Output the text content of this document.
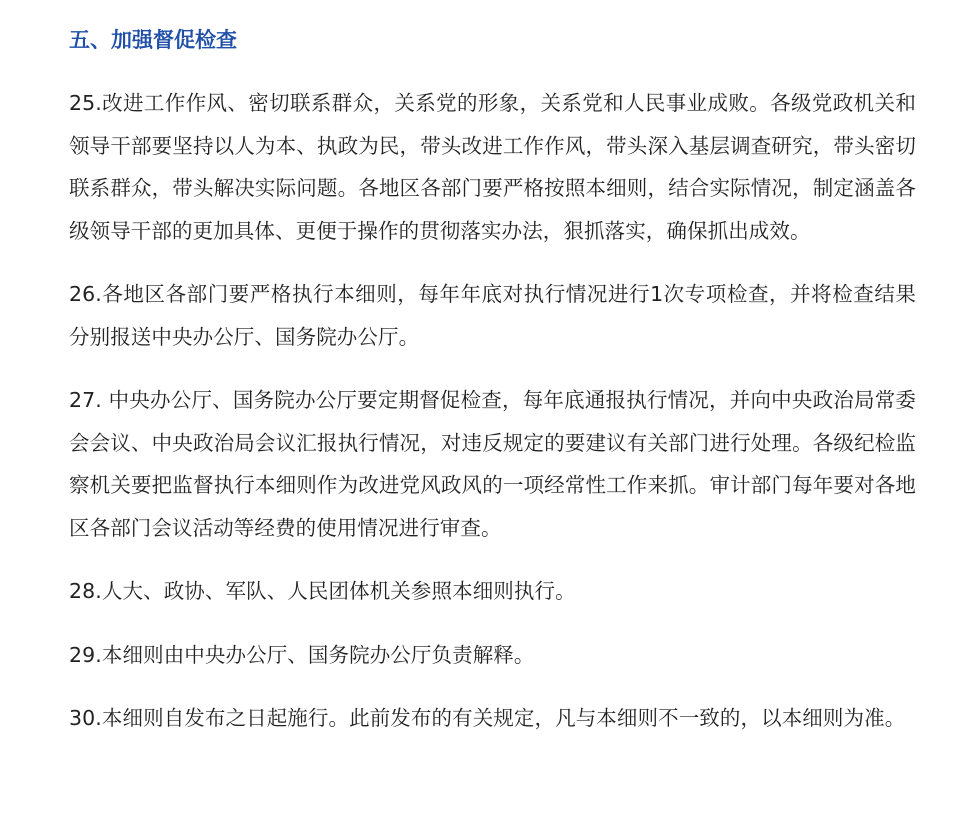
五、加强督促检查

25.改进工作作风、密切联系群众，关系党的形象，关系党和人民事业成败。各级党政机关和领导干部要坚持以人为本、执政为民，带头改进工作作风，带头深入基层调查研究，带头密切联系群众，带头解决实际问题。各地区各部门要严格按照本细则，结合实际情况，制定涵盖各级领导干部的更加具体、更便于操作的贯彻落实办法，狠抓落实，确保抓出成效。

26.各地区各部门要严格执行本细则，每年年底对执行情况进行1次专项检查，并将检查结果分别报送中央办公厅、国务院办公厅。

27. 中央办公厅、国务院办公厅要定期督促检查，每年底通报执行情况，并向中央政治局常委会会议、中央政治局会议汇报执行情况，对违反规定的要建议有关部门进行处理。各级纪检监察机关要把监督执行本细则作为改进党风政风的一项经常性工作来抓。审计部门每年要对各地区各部门会议活动等经费的使用情况进行审查。

28.人大、政协、军队、人民团体机关参照本细则执行。

29.本细则由中央办公厅、国务院办公厅负责解释。

30.本细则自发布之日起施行。此前发布的有关规定，凡与本细则不一致的，以本细则为准。
